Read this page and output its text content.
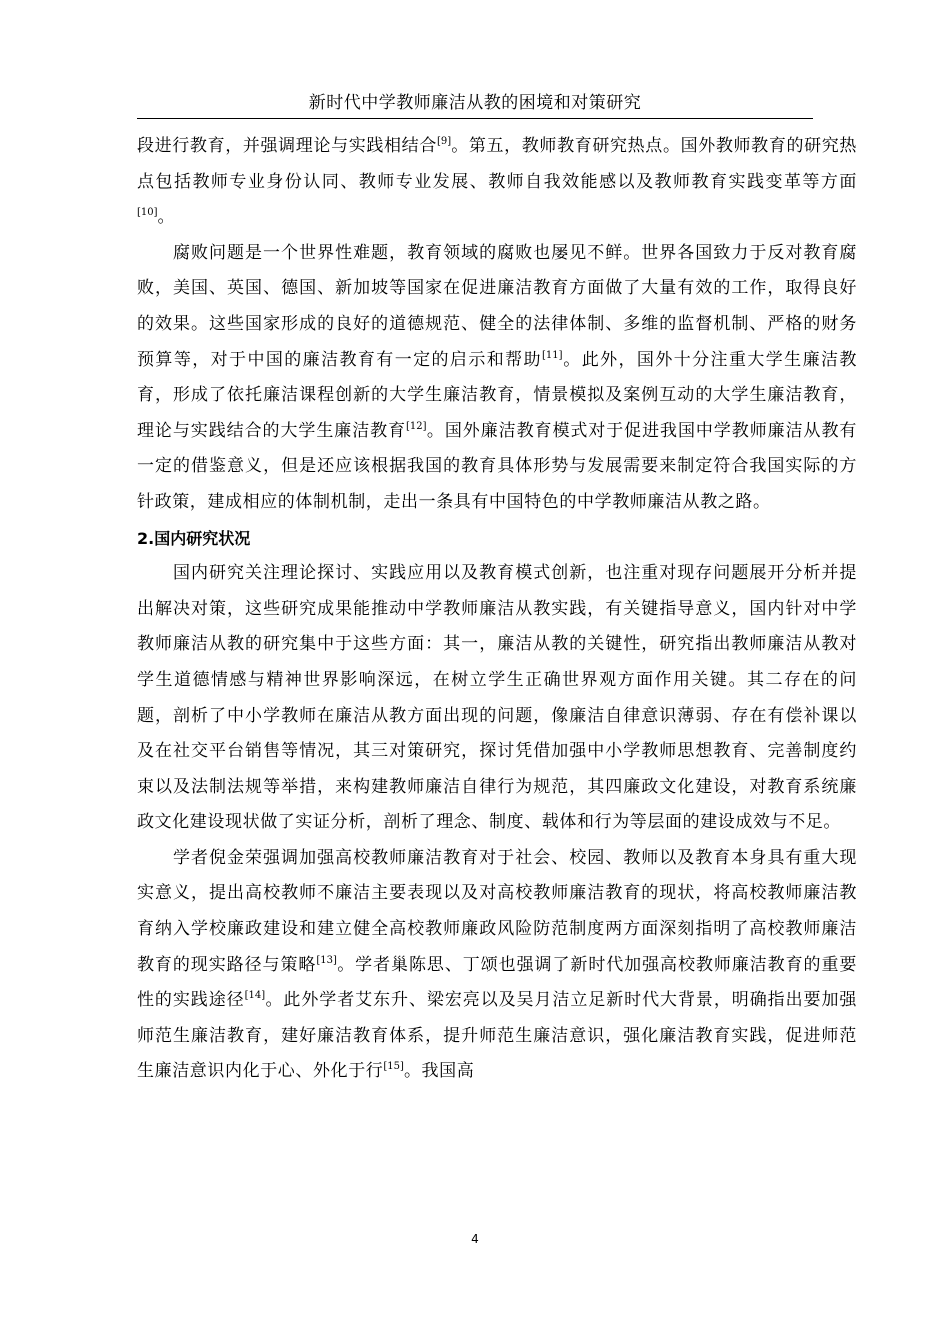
新时代中学教师廉洁从教的困境和对策研究

段进行教育，并强调理论与实践相结合[9]。第五，教师教育研究热点。国外教师教育的研究热点包括教师专业身份认同、教师专业发展、教师自我效能感以及教师教育实践变革等方面[10]。

腐败问题是一个世界性难题，教育领域的腐败也屡见不鲜。世界各国致力于反对教育腐败，美国、英国、德国、新加坡等国家在促进廉洁教育方面做了大量有效的工作，取得良好的效果。这些国家形成的良好的道德规范、健全的法律体制、多维的监督机制、严格的财务预算等，对于中国的廉洁教育有一定的启示和帮助[11]。此外，国外十分注重大学生廉洁教育，形成了依托廉洁课程创新的大学生廉洁教育，情景模拟及案例互动的大学生廉洁教育，理论与实践结合的大学生廉洁教育[12]。国外廉洁教育模式对于促进我国中学教师廉洁从教有一定的借鉴意义，但是还应该根据我国的教育具体形势与发展需要来制定符合我国实际的方针政策，建成相应的体制机制，走出一条具有中国特色的中学教师廉洁从教之路。

2.国内研究状况

国内研究关注理论探讨、实践应用以及教育模式创新，也注重对现存问题展开分析并提出解决对策，这些研究成果能推动中学教师廉洁从教实践，有关键指导意义，国内针对中学教师廉洁从教的研究集中于这些方面：其一，廉洁从教的关键性，研究指出教师廉洁从教对学生道德情感与精神世界影响深远，在树立学生正确世界观方面作用关键。其二存在的问题，剖析了中小学教师在廉洁从教方面出现的问题，像廉洁自律意识薄弱、存在有偿补课以及在社交平台销售等情况，其三对策研究，探讨凭借加强中小学教师思想教育、完善制度约束以及法制法规等举措，来构建教师廉洁自律行为规范，其四廉政文化建设，对教育系统廉政文化建设现状做了实证分析，剖析了理念、制度、载体和行为等层面的建设成效与不足。

学者倪金荣强调加强高校教师廉洁教育对于社会、校园、教师以及教育本身具有重大现实意义，提出高校教师不廉洁主要表现以及对高校教师廉洁教育的现状，将高校教师廉洁教育纳入学校廉政建设和建立健全高校教师廉政风险防范制度两方面深刻指明了高校教师廉洁教育的现实路径与策略[13]。学者巢陈思、丁颂也强调了新时代加强高校教师廉洁教育的重要性的实践途径[14]。此外学者艾东升、梁宏亮以及吴月洁立足新时代大背景，明确指出要加强师范生廉洁教育，建好廉洁教育体系，提升师范生廉洁意识，强化廉洁教育实践，促进师范生廉洁意识内化于心、外化于行[15]。我国高

4
